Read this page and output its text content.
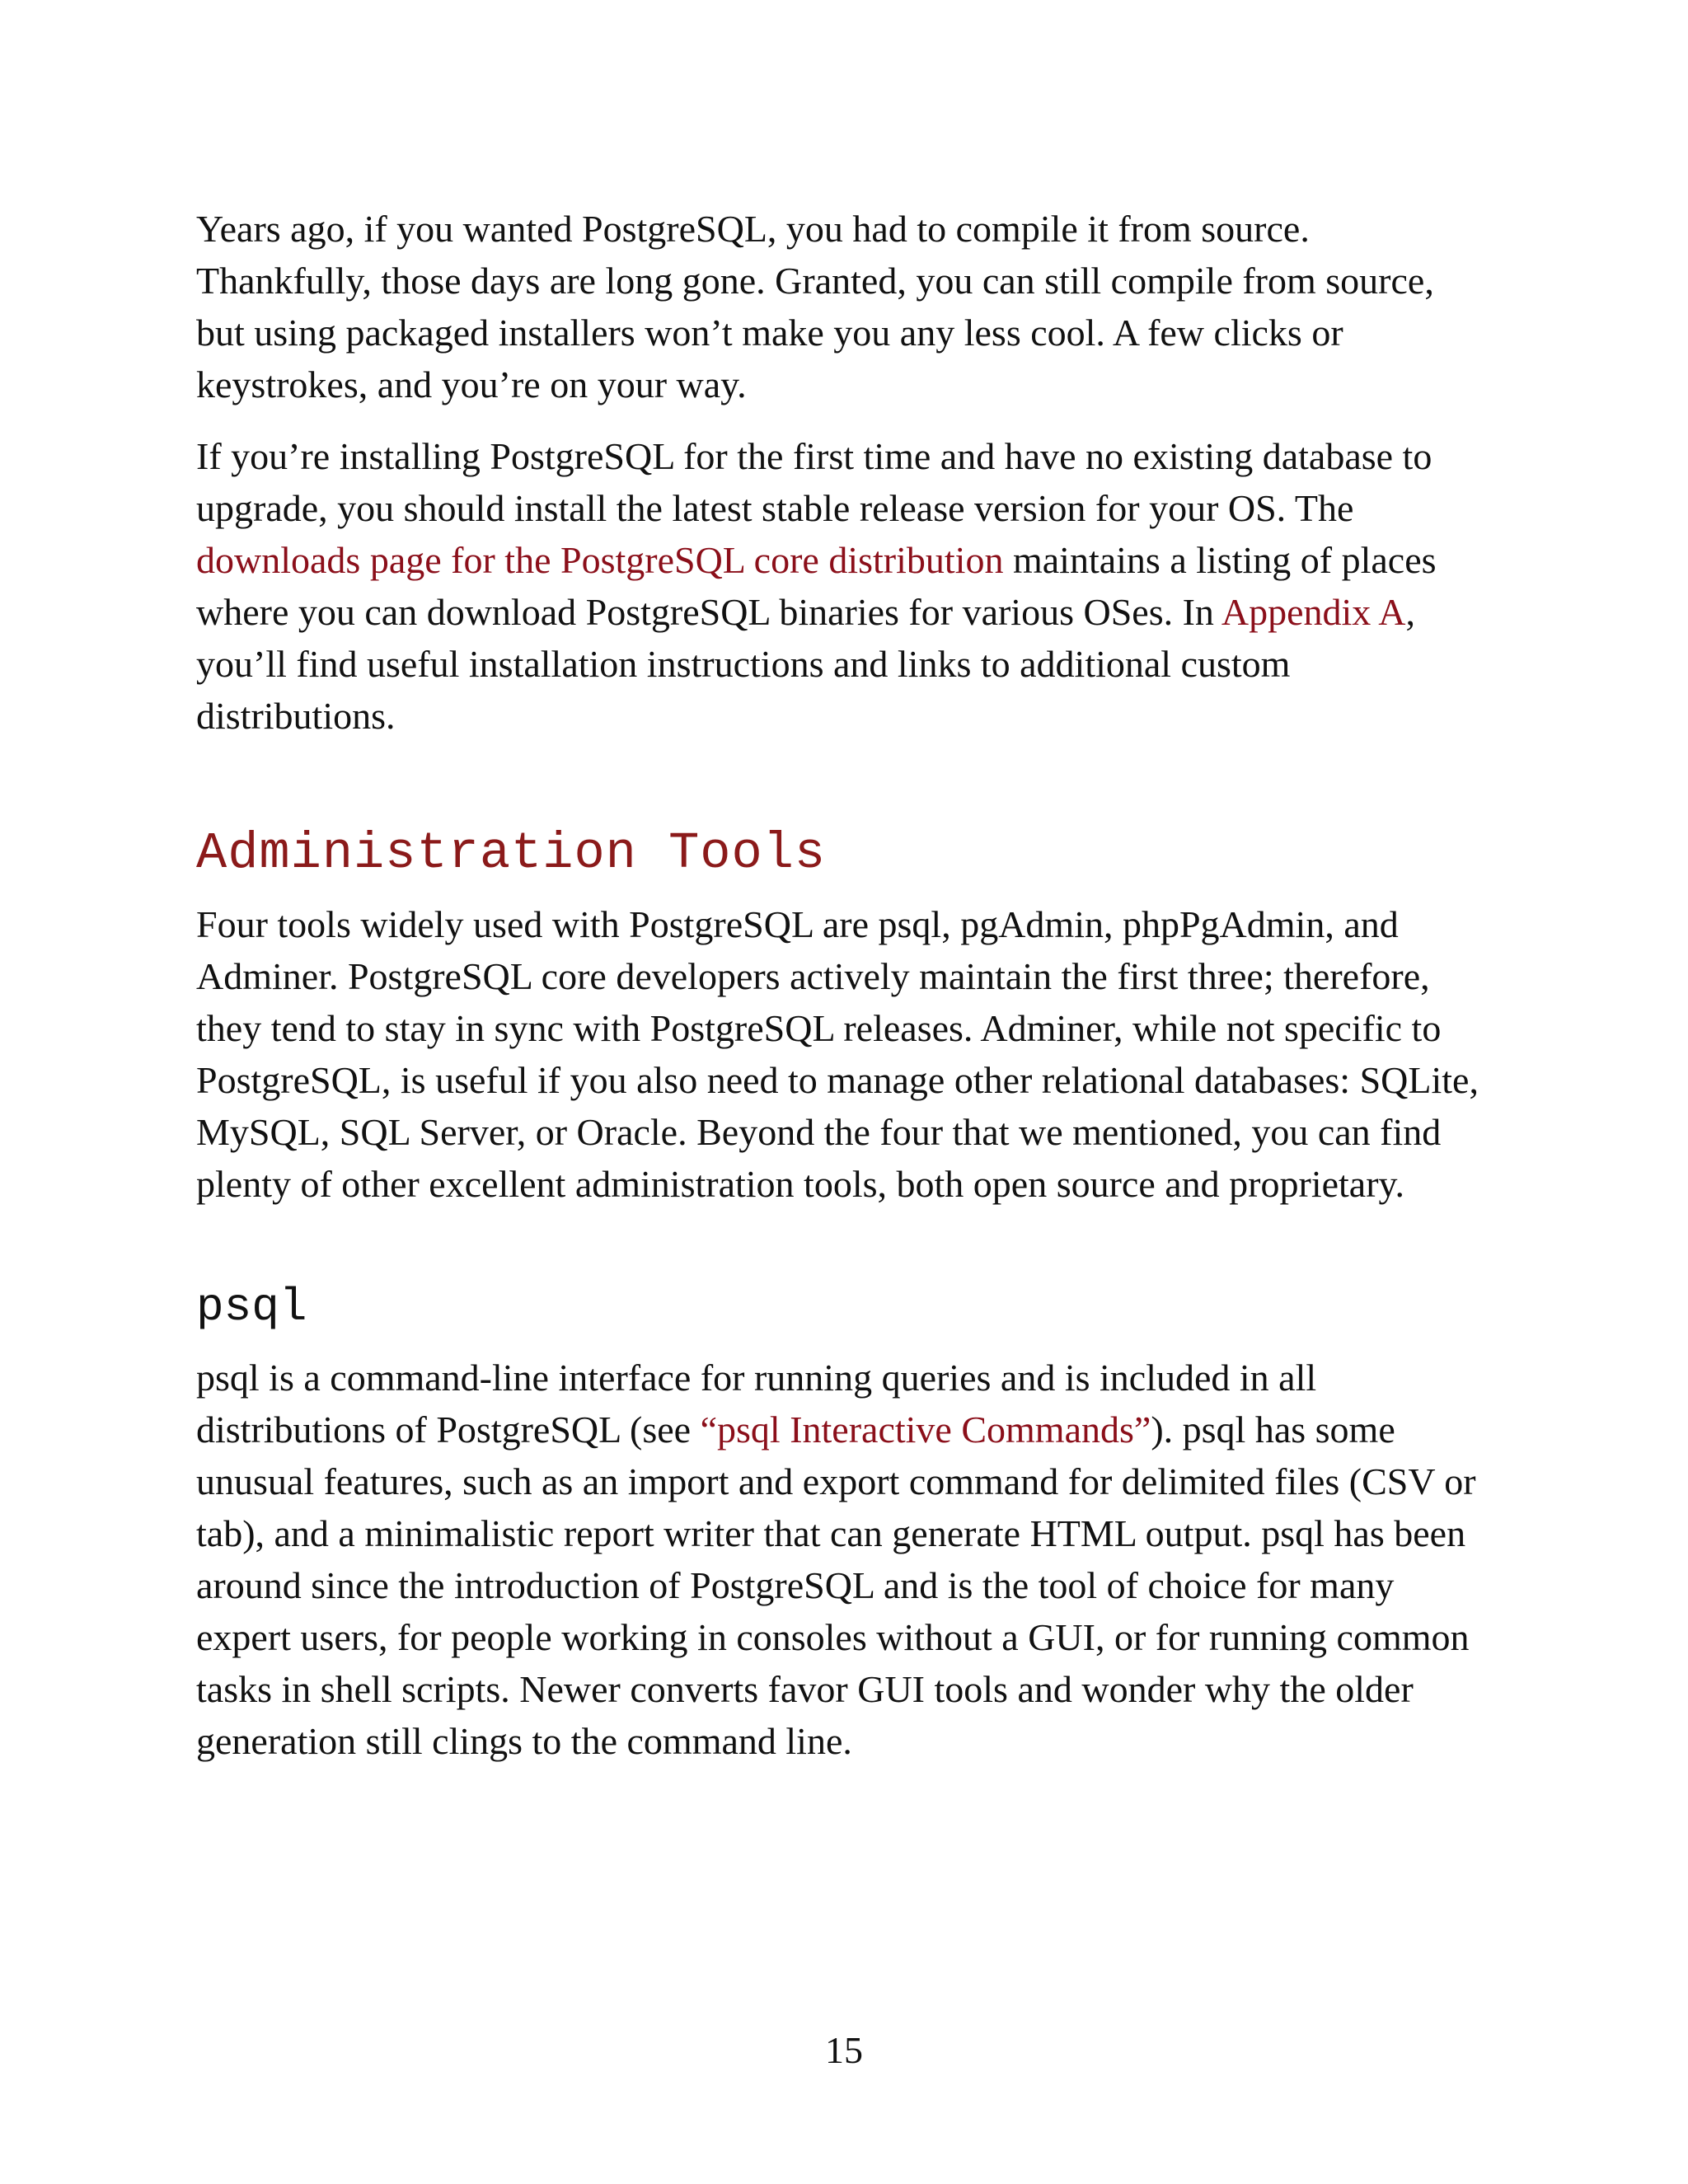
Years ago, if you wanted PostgreSQL, you had to compile it from source. Thankfully, those days are long gone. Granted, you can still compile from source, but using packaged installers won’t make you any less cool. A few clicks or keystrokes, and you’re on your way.

If you’re installing PostgreSQL for the first time and have no existing database to upgrade, you should install the latest stable release version for your OS. The downloads page for the PostgreSQL core distribution maintains a listing of places where you can download PostgreSQL binaries for various OSes. In Appendix A, you’ll find useful installation instructions and links to additional custom distributions.

Administration Tools

Four tools widely used with PostgreSQL are psql, pgAdmin, phpPgAdmin, and Adminer. PostgreSQL core developers actively maintain the first three; therefore, they tend to stay in sync with PostgreSQL releases. Adminer, while not specific to PostgreSQL, is useful if you also need to manage other relational databases: SQLite, MySQL, SQL Server, or Oracle. Beyond the four that we mentioned, you can find plenty of other excellent administration tools, both open source and proprietary.

psql

psql is a command-line interface for running queries and is included in all distributions of PostgreSQL (see “psql Interactive Commands”). psql has some unusual features, such as an import and export command for delimited files (CSV or tab), and a minimalistic report writer that can generate HTML output. psql has been around since the introduction of PostgreSQL and is the tool of choice for many expert users, for people working in consoles without a GUI, or for running common tasks in shell scripts. Newer converts favor GUI tools and wonder why the older generation still clings to the command line.

15
